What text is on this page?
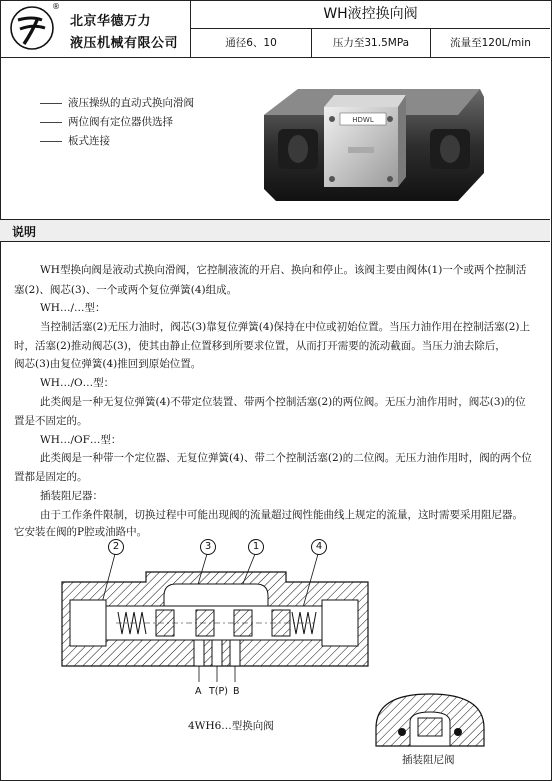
®
北京华德万力
液压机械有限公司
WH液控换向阀
通径6、10	压力至31.5MPa	流量至120L/min
液压操纵的直动式换向滑阀
两位阀有定位器供选择
板式连接
HDWL
说明
WH型换向阀是液动式换向滑阀，它控制液流的开启、换向和停止。该阀主要由阀体(1)一个或两个控制活
塞(2)、阀芯(3)、一个或两个复位弹簧(4)组成。
WH…/…型：
当控制活塞(2)无压力油时，阀芯(3)靠复位弹簧(4)保持在中位或初始位置。当压力油作用在控制活塞(2)上
时，活塞(2)推动阀芯(3)，使其由静止位置移到所要求位置，从而打开需要的流动截面。当压力油去除后，
阀芯(3)由复位弹簧(4)推回到原始位置。
WH…/O…型：
此类阀是一种无复位弹簧(4)不带定位装置、带两个控制活塞(2)的两位阀。无压力油作用时，阀芯(3)的位
置是不固定的。
WH…/OF…型：
此类阀是一种带一个定位器、无复位弹簧(4)、带二个控制活塞(2)的二位阀。无压力油作用时，阀的两个位
置都是固定的。
插装阻尼器：
由于工作条件限制，切换过程中可能出现阀的流量超过阀性能曲线上规定的流量，这时需要采用阻尼器。
它安装在阀的P腔或油路中。
2	3	1	4
A T(P) B
4WH6…型换向阀
插装阻尼阀
